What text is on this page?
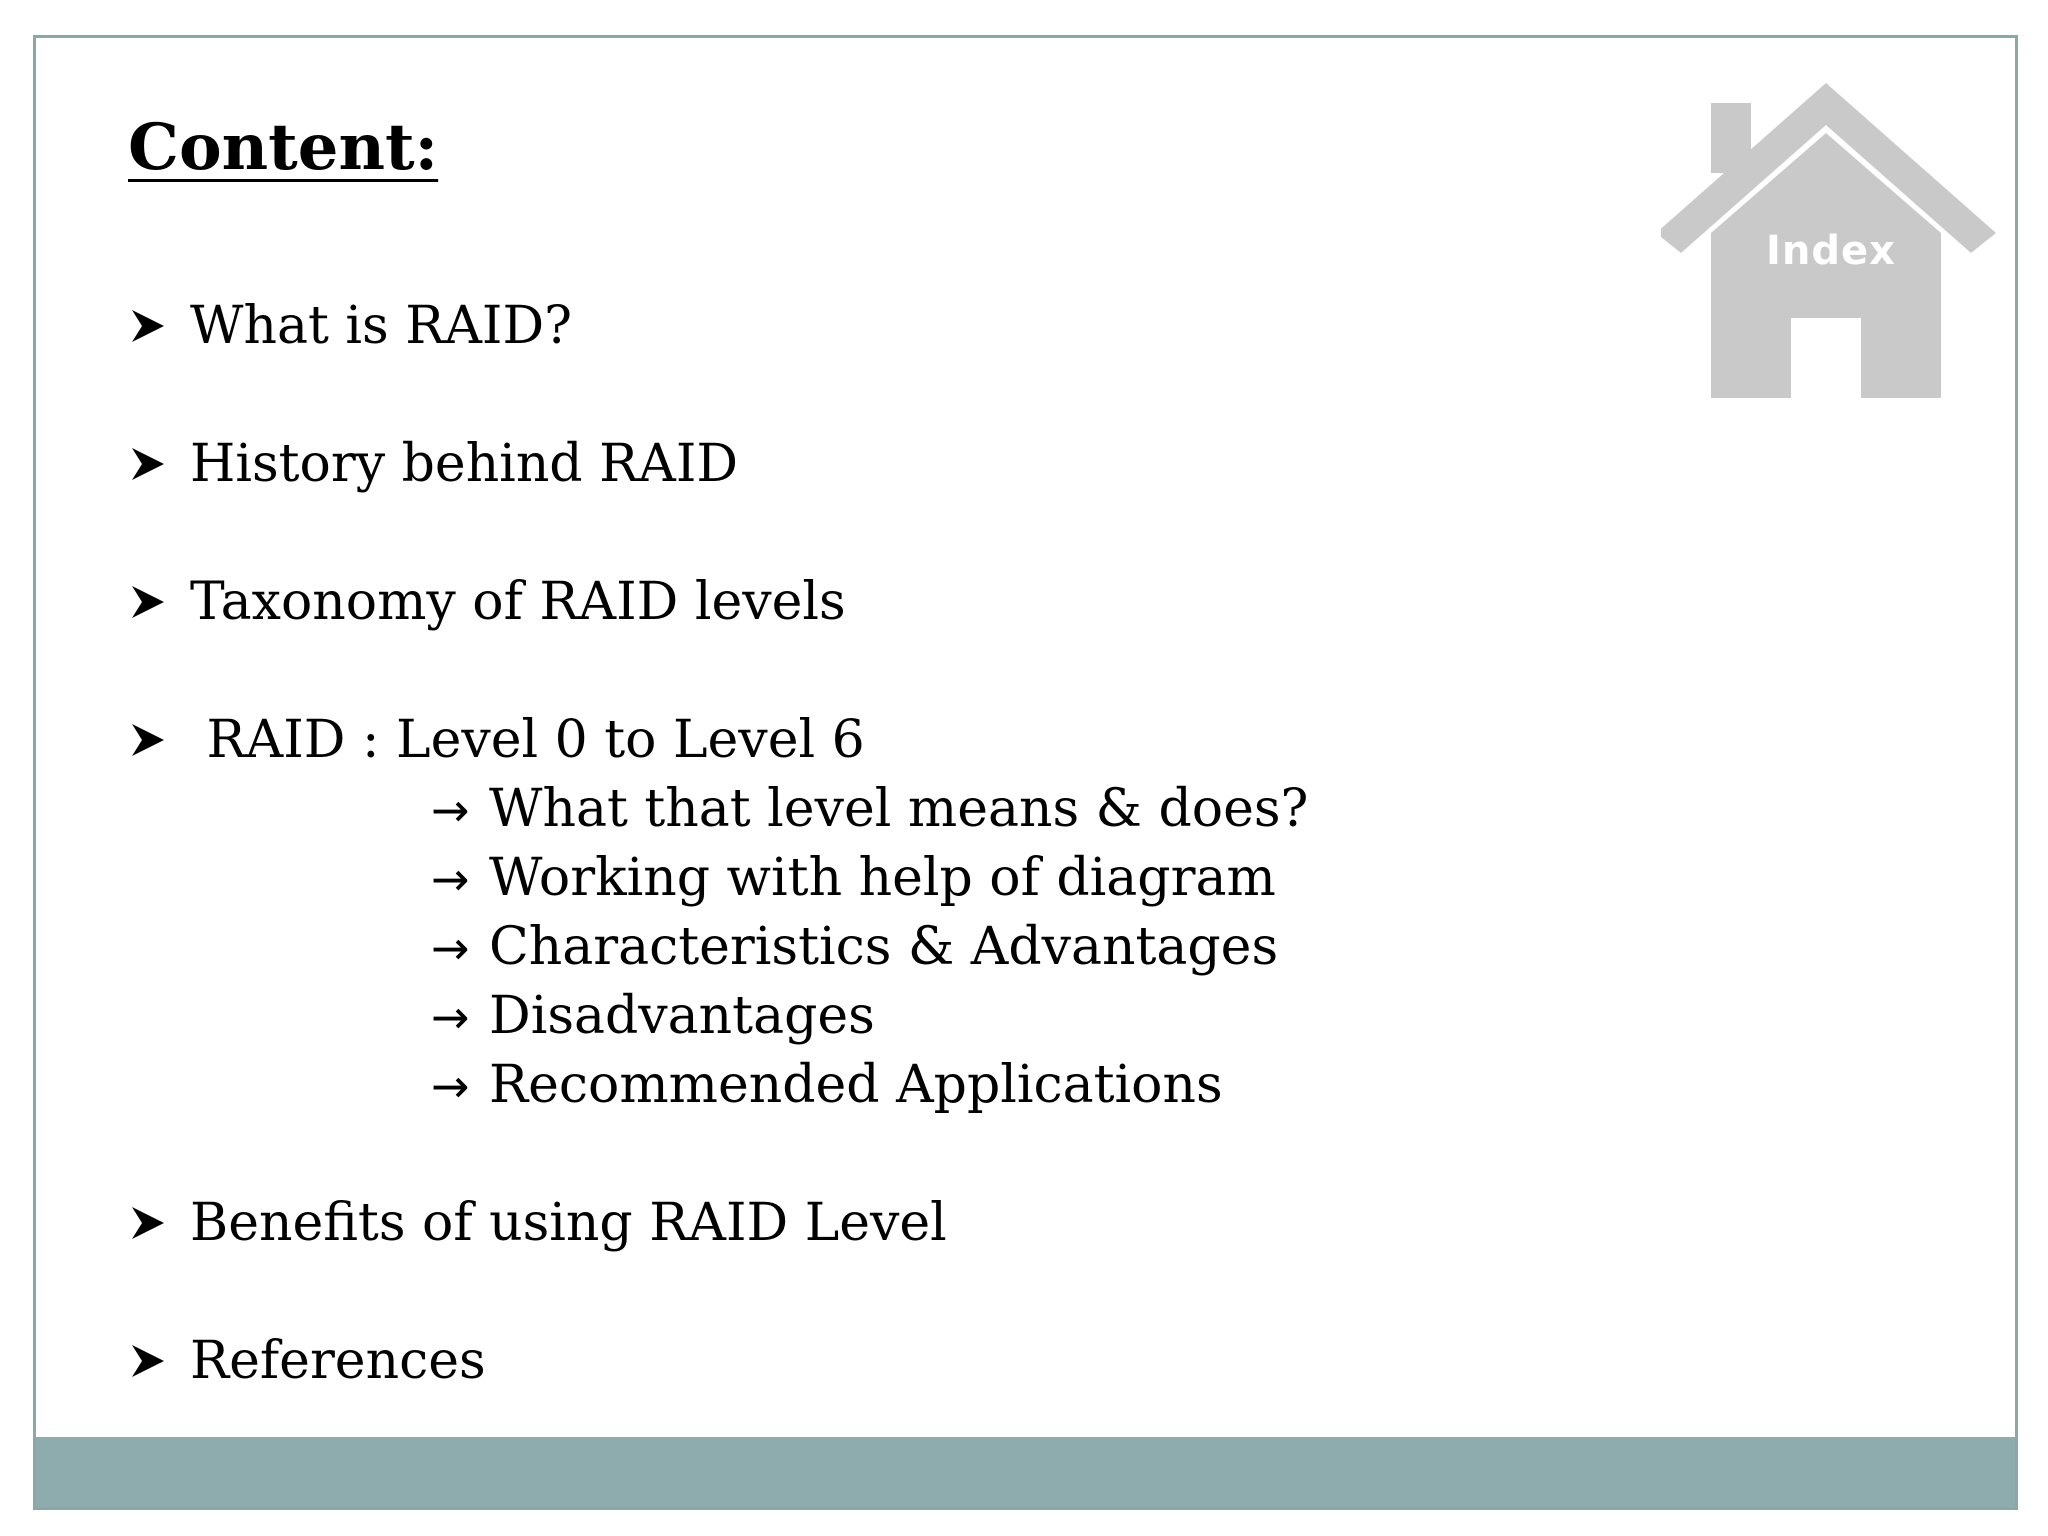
Content:
Index
What is RAID?
History behind RAID
Taxonomy of RAID levels
RAID : Level 0 to Level 6
→ What that level means & does?
→ Working with help of diagram
→ Characteristics & Advantages
→ Disadvantages
→ Recommended Applications
Benefits of using RAID Level
References
